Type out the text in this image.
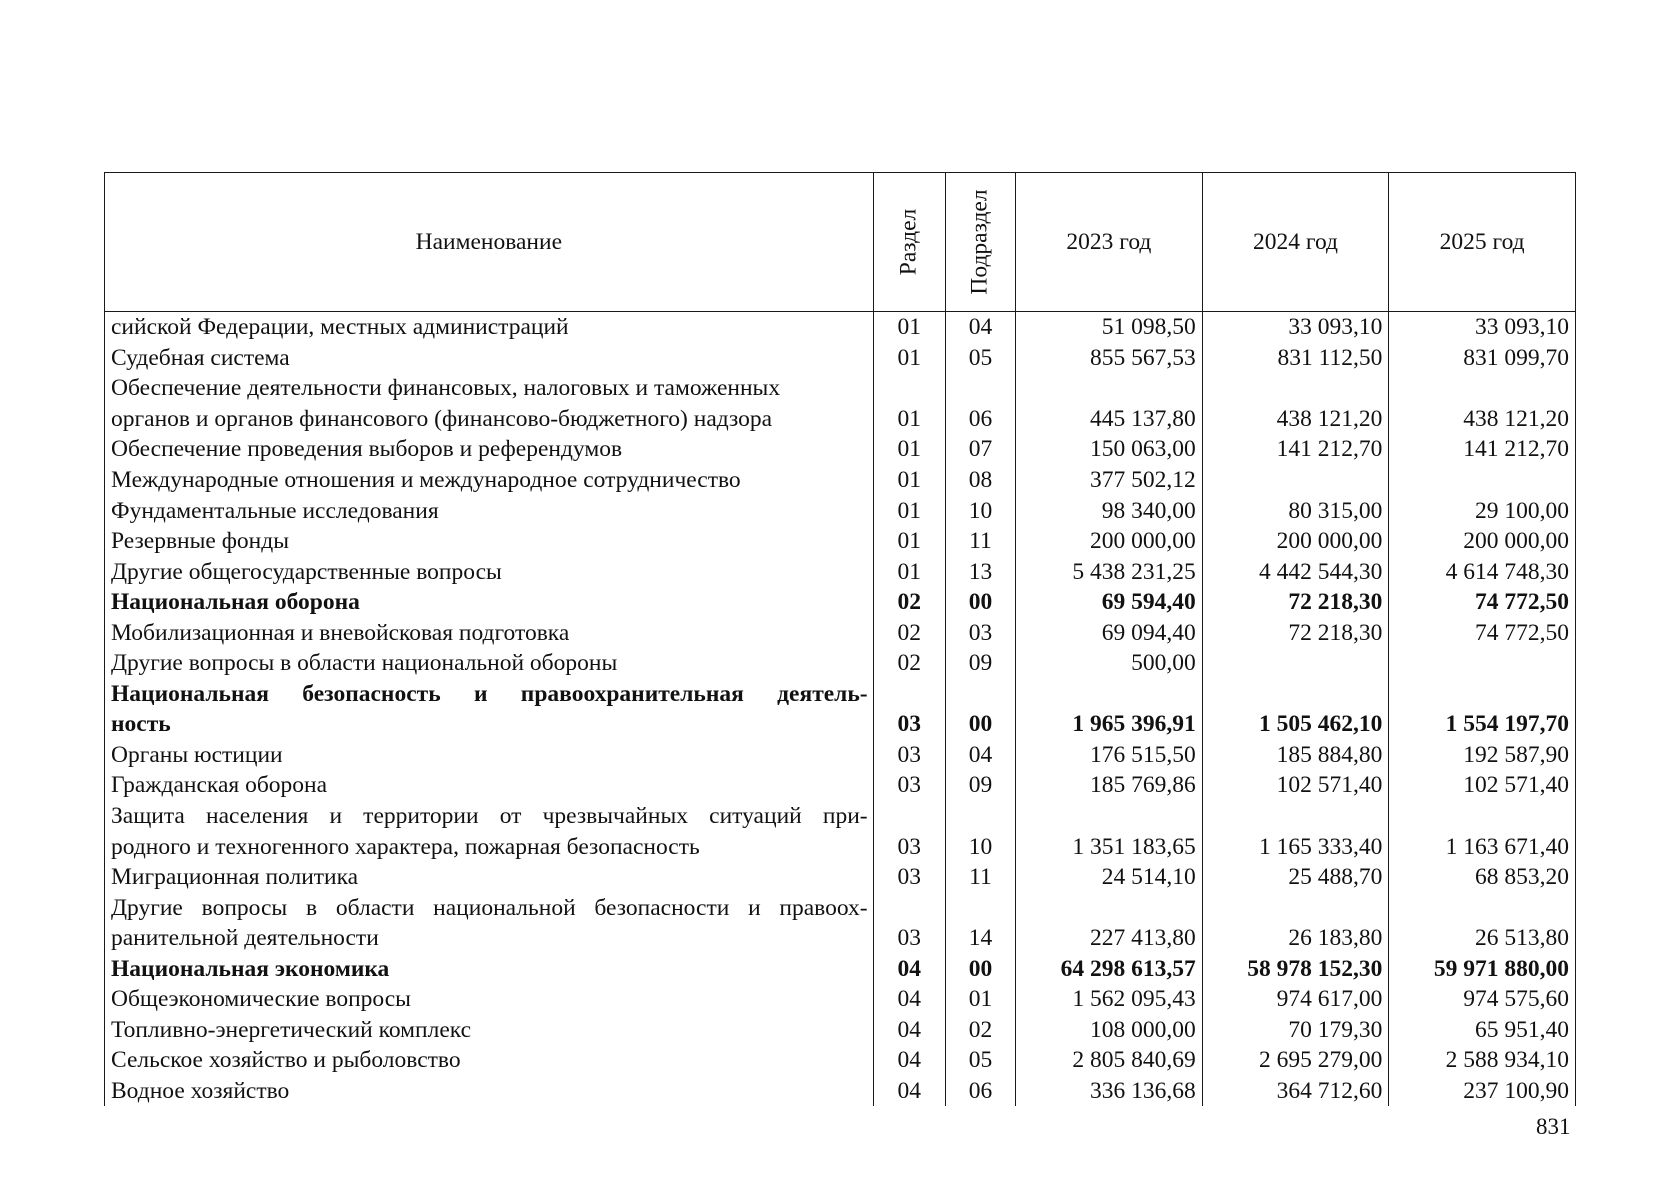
Наименование	Раздел	Подраздел	2023 год	2024 год	2025 год
сийской Федерации, местных администраций	01	04	51 098,50	33 093,10	33 093,10
Судебная система	01	05	855 567,53	831 112,50	831 099,70
Обеспечение деятельности финансовых, налоговых и таможенных					
органов и органов финансового (финансово-бюджетного) надзора	01	06	445 137,80	438 121,20	438 121,20
Обеспечение проведения выборов и референдумов	01	07	150 063,00	141 212,70	141 212,70
Международные отношения и международное сотрудничество	01	08	377 502,12		
Фундаментальные исследования	01	10	98 340,00	80 315,00	29 100,00
Резервные фонды	01	11	200 000,00	200 000,00	200 000,00
Другие общегосударственные вопросы	01	13	5 438 231,25	4 442 544,30	4 614 748,30
Национальная оборона	02	00	69 594,40	72 218,30	74 772,50
Мобилизационная и вневойсковая подготовка	02	03	69 094,40	72 218,30	74 772,50
Другие вопросы в области национальной обороны	02	09	500,00		
Национальная безопасность и правоохранительная деятель-					
ность	03	00	1 965 396,91	1 505 462,10	1 554 197,70
Органы юстиции	03	04	176 515,50	185 884,80	192 587,90
Гражданская оборона	03	09	185 769,86	102 571,40	102 571,40
Защита населения и территории от чрезвычайных ситуаций при-					
родного и техногенного характера, пожарная безопасность	03	10	1 351 183,65	1 165 333,40	1 163 671,40
Миграционная политика	03	11	24 514,10	25 488,70	68 853,20
Другие вопросы в области национальной безопасности и правоох-					
ранительной деятельности	03	14	227 413,80	26 183,80	26 513,80
Национальная экономика	04	00	64 298 613,57	58 978 152,30	59 971 880,00
Общеэкономические вопросы	04	01	1 562 095,43	974 617,00	974 575,60
Топливно-энергетический комплекс	04	02	108 000,00	70 179,30	65 951,40
Сельское хозяйство и рыболовство	04	05	2 805 840,69	2 695 279,00	2 588 934,10
Водное хозяйство	04	06	336 136,68	364 712,60	237 100,90
831
